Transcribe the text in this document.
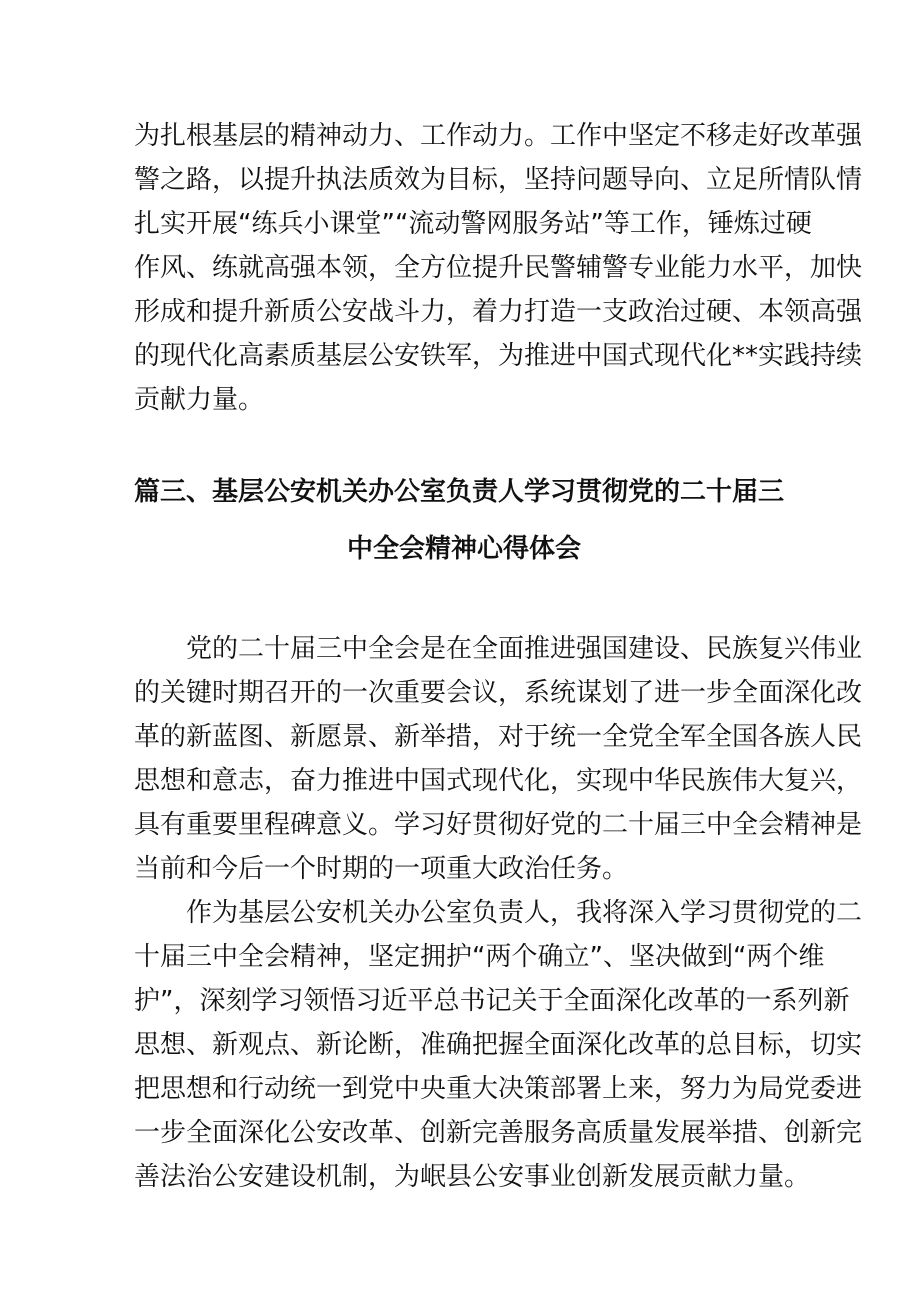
为扎根基层的精神动力、工作动力。工作中坚定不移走好改革强
警之路，以提升执法质效为目标，坚持问题导向、立足所情队情
扎实开展“练兵小课堂”“流动警网服务站”等工作，锤炼过硬
作风、练就高强本领，全方位提升民警辅警专业能力水平，加快
形成和提升新质公安战斗力，着力打造一支政治过硬、本领高强
的现代化高素质基层公安铁军，为推进中国式现代化**实践持续
贡献力量。
篇三、基层公安机关办公室负责人学习贯彻党的二十届三
中全会精神心得体会
党的二十届三中全会是在全面推进强国建设、民族复兴伟业
的关键时期召开的一次重要会议，系统谋划了进一步全面深化改
革的新蓝图、新愿景、新举措，对于统一全党全军全国各族人民
思想和意志，奋力推进中国式现代化，实现中华民族伟大复兴，
具有重要里程碑意义。学习好贯彻好党的二十届三中全会精神是
当前和今后一个时期的一项重大政治任务。
作为基层公安机关办公室负责人，我将深入学习贯彻党的二
十届三中全会精神，坚定拥护“两个确立”、坚决做到“两个维
护”，深刻学习领悟习近平总书记关于全面深化改革的一系列新
思想、新观点、新论断，准确把握全面深化改革的总目标，切实
把思想和行动统一到党中央重大决策部署上来，努力为局党委进
一步全面深化公安改革、创新完善服务高质量发展举措、创新完
善法治公安建设机制，为岷县公安事业创新发展贡献力量。
